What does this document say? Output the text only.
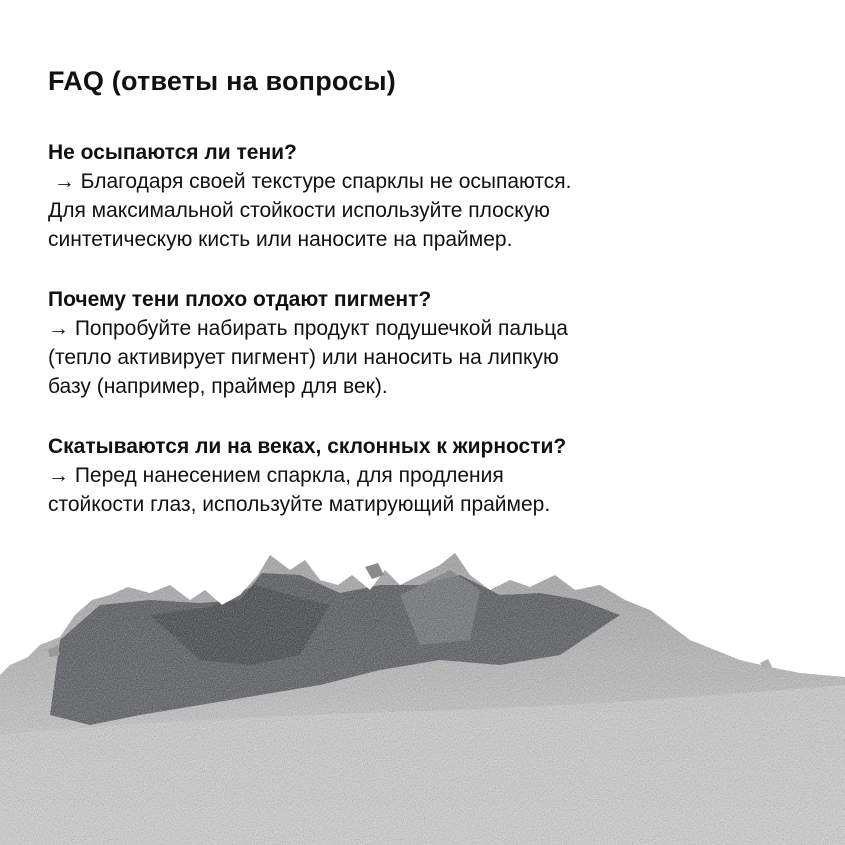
FAQ (ответы на вопросы)
Не осыпаются ли тени?
→ Благодаря своей текстуре спарклы не осыпаются.
Для максимальной стойкости используйте плоскую
синтетическую кисть или наносите на праймер.
Почему тени плохо отдают пигмент?
→ Попробуйте набирать продукт подушечкой пальца
(тепло активирует пигмент) или наносить на липкую
базу (например, праймер для век).
Скатываются ли на веках, склонных к жирности?
→ Перед нанесением спаркла, для продления
стойкости глаз, используйте матирующий праймер.
